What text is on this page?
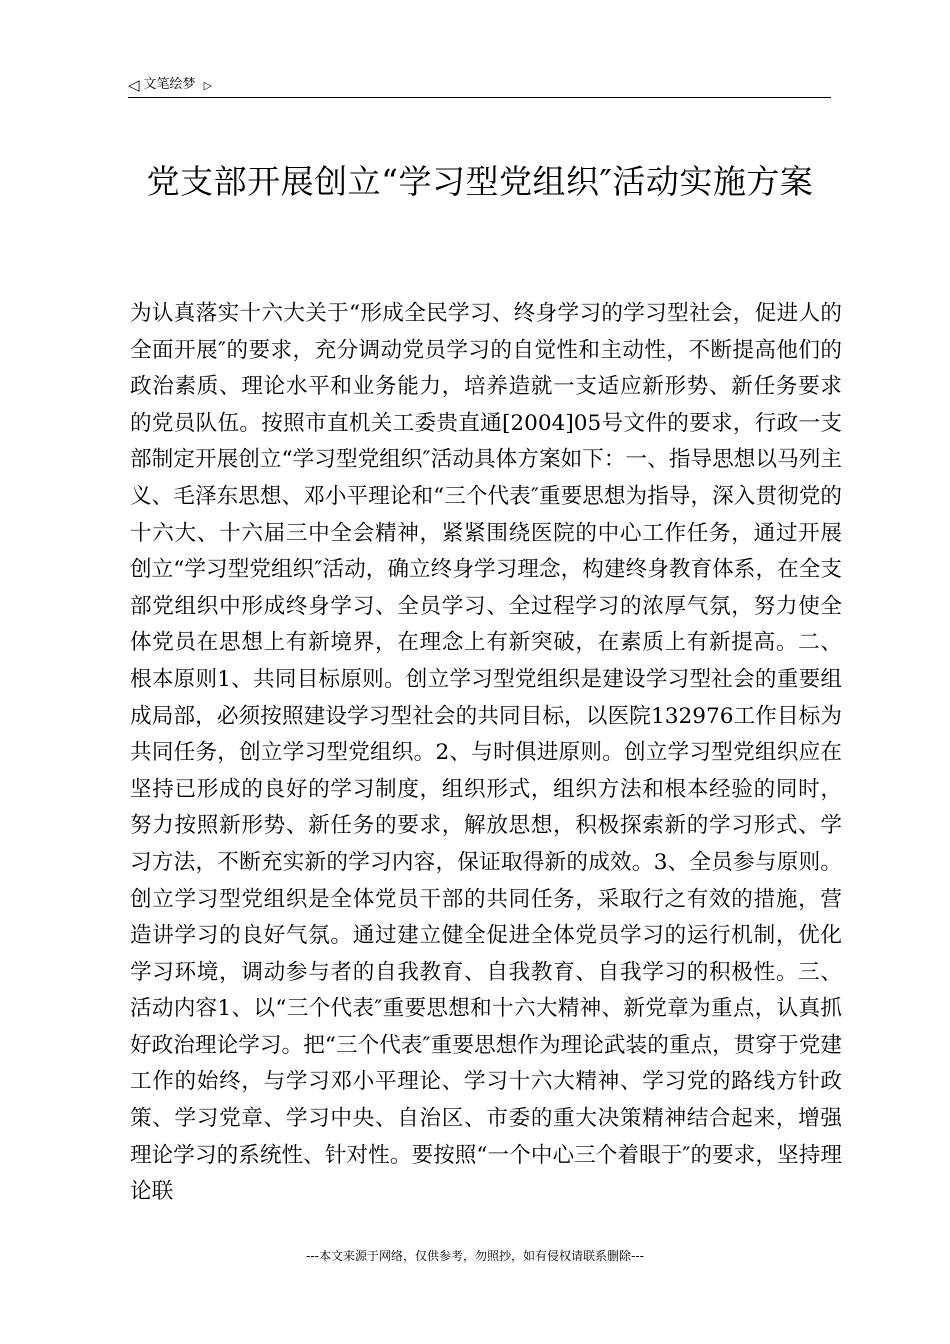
◁ 文笔绘梦 ▷
党支部开展创立“学习型党组织″活动实施方案
为认真落实十六大关于“形成全民学习、终身学习的学习型社会，促进人的全面开展″的要求，充分调动党员学习的自觉性和主动性，不断提高他们的政治素质、理论水平和业务能力，培养造就一支适应新形势、新任务要求的党员队伍。按照市直机关工委贵直通[2004]05号文件的要求，行政一支部制定开展创立“学习型党组织″活动具体方案如下：一、指导思想以马列主义、毛泽东思想、邓小平理论和“三个代表″重要思想为指导，深入贯彻党的十六大、十六届三中全会精神，紧紧围绕医院的中心工作任务，通过开展创立“学习型党组织″活动，确立终身学习理念，构建终身教育体系，在全支部党组织中形成终身学习、全员学习、全过程学习的浓厚气氛，努力使全体党员在思想上有新境界，在理念上有新突破，在素质上有新提高。二、根本原则1、共同目标原则。创立学习型党组织是建设学习型社会的重要组成局部，必须按照建设学习型社会的共同目标，以医院132976工作目标为共同任务，创立学习型党组织。2、与时俱进原则。创立学习型党组织应在坚持已形成的良好的学习制度，组织形式，组织方法和根本经验的同时，努力按照新形势、新任务的要求，解放思想，积极探索新的学习形式、学习方法，不断充实新的学习内容，保证取得新的成效。3、全员参与原则。创立学习型党组织是全体党员干部的共同任务，采取行之有效的措施，营造讲学习的良好气氛。通过建立健全促进全体党员学习的运行机制，优化学习环境，调动参与者的自我教育、自我教育、自我学习的积极性。三、活动内容1、以“三个代表″重要思想和十六大精神、新党章为重点，认真抓好政治理论学习。把“三个代表″重要思想作为理论武装的重点，贯穿于党建工作的始终，与学习邓小平理论、学习十六大精神、学习党的路线方针政策、学习党章、学习中央、自治区、市委的重大决策精神结合起来，增强理论学习的系统性、针对性。要按照“一个中心三个着眼于″的要求，坚持理论联
---本文来源于网络，仅供参考，勿照抄，如有侵权请联系删除---
